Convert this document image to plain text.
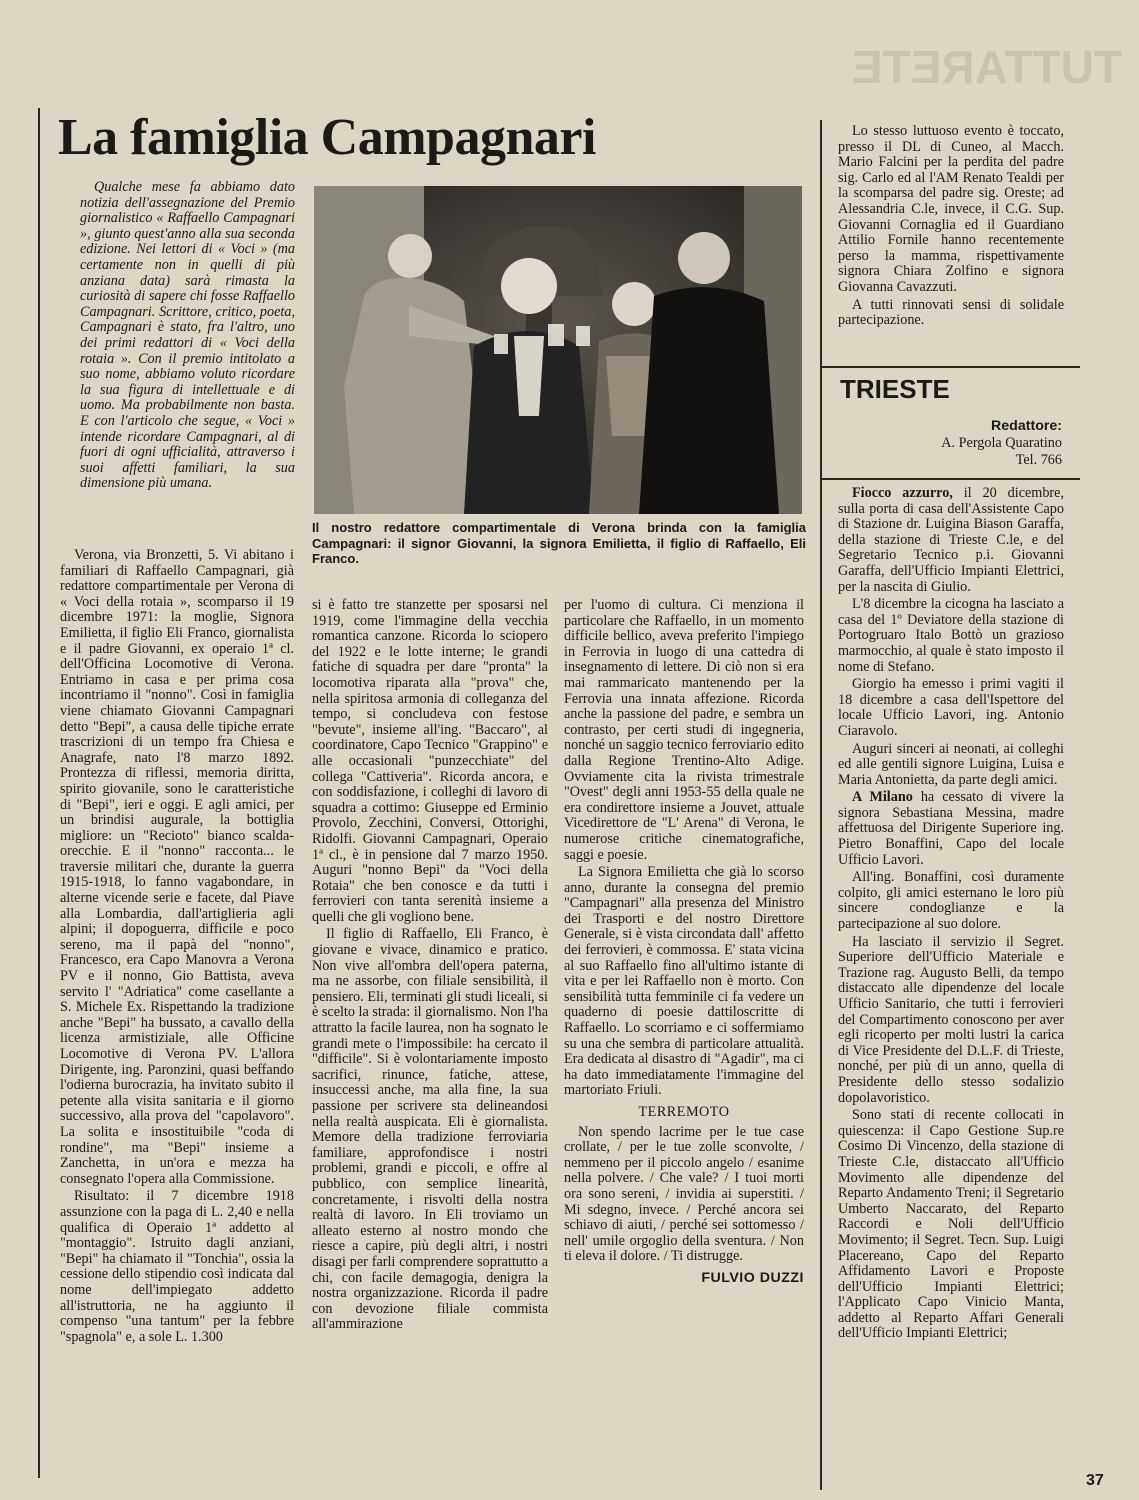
TUTTARETE
La famiglia Campagnari

Qualche mese fa abbiamo dato notizia dell'assegnazione del Premio giornalistico « Raffaello Campagnari », giunto quest'anno alla sua seconda edizione. Nei lettori di « Voci » (ma certamente non in quelli di più anziana data) sarà rimasta la curiosità di sapere chi fosse Raffaello Campagnari. Scrittore, critico, poeta, Campagnari è stato, fra l'altro, uno dei primi redattori di « Voci della rotaia ». Con il premio intitolato a suo nome, abbiamo voluto ricordare la sua figura di intellettuale e di uomo. Ma probabilmente non basta. E con l'articolo che segue, « Voci » intende ricordare Campagnari, al di fuori di ogni ufficialità, attraverso i suoi affetti familiari, la sua dimensione più umana.

Il nostro redattore compartimentale di Verona brinda con la famiglia Campagnari: il signor Giovanni, la signora Emilietta, il figlio di Raffaello, Eli Franco.

Verona, via Bronzetti, 5. Vi abitano i familiari di Raffaello Campagnari, già redattore compartimentale per Verona di « Voci della rotaia », scomparso il 19 dicembre 1971: la moglie, Signora Emilietta, il figlio Eli Franco, giornalista e il padre Giovanni, ex operaio 1ª cl. dell'Officina Locomotive di Verona. Entriamo in casa e per prima cosa incontriamo il "nonno". Così in famiglia viene chiamato Giovanni Campagnari detto "Bepi", a causa delle tipiche errate trascrizioni di un tempo fra Chiesa e Anagrafe, nato l'8 marzo 1892. Prontezza di riflessi, memoria diritta, spirito giovanile, sono le caratteristiche di "Bepi", ieri e oggi. E agli amici, per un brindisi augurale, la bottiglia migliore: un "Recioto" bianco scalda-orecchie. E il "nonno" racconta... le traversie militari che, durante la guerra 1915-1918, lo fanno vagabondare, in alterne vicende serie e facete, dal Piave alla Lombardia, dall'artiglieria agli alpini; il dopoguerra, difficile e poco sereno, ma il papà del "nonno", Francesco, era Capo Manovra a Verona PV e il nonno, Gio Battista, aveva servito l' "Adriatica" come casellante a S. Michele Ex. Rispettando la tradizione anche "Bepi" ha bussato, a cavallo della licenza armistiziale, alle Officine Locomotive di Verona PV. L'allora Dirigente, ing. Paronzini, quasi beffando l'odierna burocrazia, ha invitato subito il petente alla visita sanitaria e il giorno successivo, alla prova del "capolavoro". La solita e insostituibile "coda di rondine", ma "Bepi" insieme a Zanchetta, in un'ora e mezza ha consegnato l'opera alla Commissione.

Risultato: il 7 dicembre 1918 assunzione con la paga di L. 2,40 e nella qualifica di Operaio 1ª addetto al "montaggio". Istruito dagli anziani, "Bepi" ha chiamato il "Tonchia", ossia la cessione dello stipendio così indicata dal nome dell'impiegato addetto all'istruttoria, ne ha aggiunto il compenso "una tantum" per la febbre "spagnola" e, a sole L. 1.300

si è fatto tre stanzette per sposarsi nel 1919, come l'immagine della vecchia romantica canzone. Ricorda lo sciopero del 1922 e le lotte interne; le grandi fatiche di squadra per dare "pronta" la locomotiva riparata alla "prova" che, nella spiritosa armonia di colleganza del tempo, si concludeva con festose "bevute", insieme all'ing. "Baccaro", al coordinatore, Capo Tecnico "Grappino" e alle occasionali "punzecchiate" del collega "Cattiveria". Ricorda ancora, e con soddisfazione, i colleghi di lavoro di squadra a cottimo: Giuseppe ed Erminio Provolo, Zecchini, Conversi, Ottorighi, Ridolfi. Giovanni Campagnari, Operaio 1ª cl., è in pensione dal 7 marzo 1950. Auguri "nonno Bepi" da "Voci della Rotaia" che ben conosce e da tutti i ferrovieri con tanta serenità insieme a quelli che gli vogliono bene.

Il figlio di Raffaello, Eli Franco, è giovane e vivace, dinamico e pratico. Non vive all'ombra dell'opera paterna, ma ne assorbe, con filiale sensibilità, il pensiero. Eli, terminati gli studi liceali, si è scelto la strada: il giornalismo. Non l'ha attratto la facile laurea, non ha sognato le grandi mete o l'impossibile: ha cercato il "difficile". Si è volontariamente imposto sacrifici, rinunce, fatiche, attese, insuccessi anche, ma alla fine, la sua passione per scrivere sta delineandosi nella realtà auspicata. Eli è giornalista. Memore della tradizione ferroviaria familiare, approfondisce i nostri problemi, grandi e piccoli, e offre al pubblico, con semplice linearità, concretamente, i risvolti della nostra realtà di lavoro. In Eli troviamo un alleato esterno al nostro mondo che riesce a capire, più degli altri, i nostri disagi per farli comprendere soprattutto a chi, con facile demagogia, denigra la nostra organizzazione. Ricorda il padre con devozione filiale commista all'ammirazione

per l'uomo di cultura. Ci menziona il particolare che Raffaello, in un momento difficile bellico, aveva preferito l'impiego in Ferrovia in luogo di una cattedra di insegnamento di lettere. Di ciò non si era mai rammaricato mantenendo per la Ferrovia una innata affezione. Ricorda anche la passione del padre, e sembra un contrasto, per certi studi di ingegneria, nonché un saggio tecnico ferroviario edito dalla Regione Trentino-Alto Adige. Ovviamente cita la rivista trimestrale "Ovest" degli anni 1953-55 della quale ne era condirettore insieme a Jouvet, attuale Vicedirettore de "L' Arena" di Verona, le numerose critiche cinematografiche, saggi e poesie.

La Signora Emilietta che già lo scorso anno, durante la consegna del premio "Campagnari" alla presenza del Ministro dei Trasporti e del nostro Direttore Generale, si è vista circondata dall' affetto dei ferrovieri, è commossa. E' stata vicina al suo Raffaello fino all'ultimo istante di vita e per lei Raffaello non è morto. Con sensibilità tutta femminile ci fa vedere un quaderno di poesie dattiloscritte di Raffaello. Lo scorriamo e ci soffermiamo su una che sembra di particolare attualità. Era dedicata al disastro di "Agadir", ma ci ha dato immediatamente l'immagine del martoriato Friuli.

TERREMOTO

Non spendo lacrime per le tue case crollate, / per le tue zolle sconvolte, / nemmeno per il piccolo angelo / esanime nella polvere. / Che vale? / I tuoi morti ora sono sereni, / invidia ai superstiti. / Mi sdegno, invece. / Perché ancora sei schiavo di aiuti, / perché sei sottomesso / nell' umile orgoglio della sventura. / Non ti eleva il dolore. / Ti distrugge.

FULVIO DUZZI

Lo stesso luttuoso evento è toccato, presso il DL di Cuneo, al Macch. Mario Falcini per la perdita del padre sig. Carlo ed al l'AM Renato Tealdi per la scomparsa del padre sig. Oreste; ad Alessandria C.le, invece, il C.G. Sup. Giovanni Cornaglia ed il Guardiano Attilio Fornile hanno recentemente perso la mamma, rispettivamente signora Chiara Zolfino e signora Giovanna Cavazzuti.

A tutti rinnovati sensi di solidale partecipazione.

TRIESTE
Redattore:
A. Pergola Quaratino
Tel. 766

Fiocco azzurro, il 20 dicembre, sulla porta di casa dell'Assistente Capo di Stazione dr. Luigina Biason Garaffa, della stazione di Trieste C.le, e del Segretario Tecnico p.i. Giovanni Garaffa, dell'Ufficio Impianti Elettrici, per la nascita di Giulio.

L'8 dicembre la cicogna ha lasciato a casa del 1º Deviatore della stazione di Portogruaro Italo Bottò un grazioso marmocchio, al quale è stato imposto il nome di Stefano.

Giorgio ha emesso i primi vagiti il 18 dicembre a casa dell'Ispettore del locale Ufficio Lavori, ing. Antonio Ciaravolo.

Auguri sinceri ai neonati, ai colleghi ed alle gentili signore Luigina, Luisa e Maria Antonietta, da parte degli amici.

A Milano ha cessato di vivere la signora Sebastiana Messina, madre affettuosa del Dirigente Superiore ing. Pietro Bonaffini, Capo del locale Ufficio Lavori.

All'ing. Bonaffini, così duramente colpito, gli amici esternano le loro più sincere condoglianze e la partecipazione al suo dolore.

Ha lasciato il servizio il Segret. Superiore dell'Ufficio Materiale e Trazione rag. Augusto Belli, da tempo distaccato alle dipendenze del locale Ufficio Sanitario, che tutti i ferrovieri del Compartimento conoscono per aver egli ricoperto per molti lustri la carica di Vice Presidente del D.L.F. di Trieste, nonché, per più di un anno, quella di Presidente dello stesso sodalizio dopolavoristico.

Sono stati di recente collocati in quiescenza: il Capo Gestione Sup.re Cosimo Di Vincenzo, della stazione di Trieste C.le, distaccato all'Ufficio Movimento alle dipendenze del Reparto Andamento Treni; il Segretario Umberto Naccarato, del Reparto Raccordi e Noli dell'Ufficio Movimento; il Segret. Tecn. Sup. Luigi Placereano, Capo del Reparto Affidamento Lavori e Proposte dell'Ufficio Impianti Elettrici; l'Applicato Capo Vinicio Manta, addetto al Reparto Affari Generali dell'Ufficio Impianti Elettrici;

37
